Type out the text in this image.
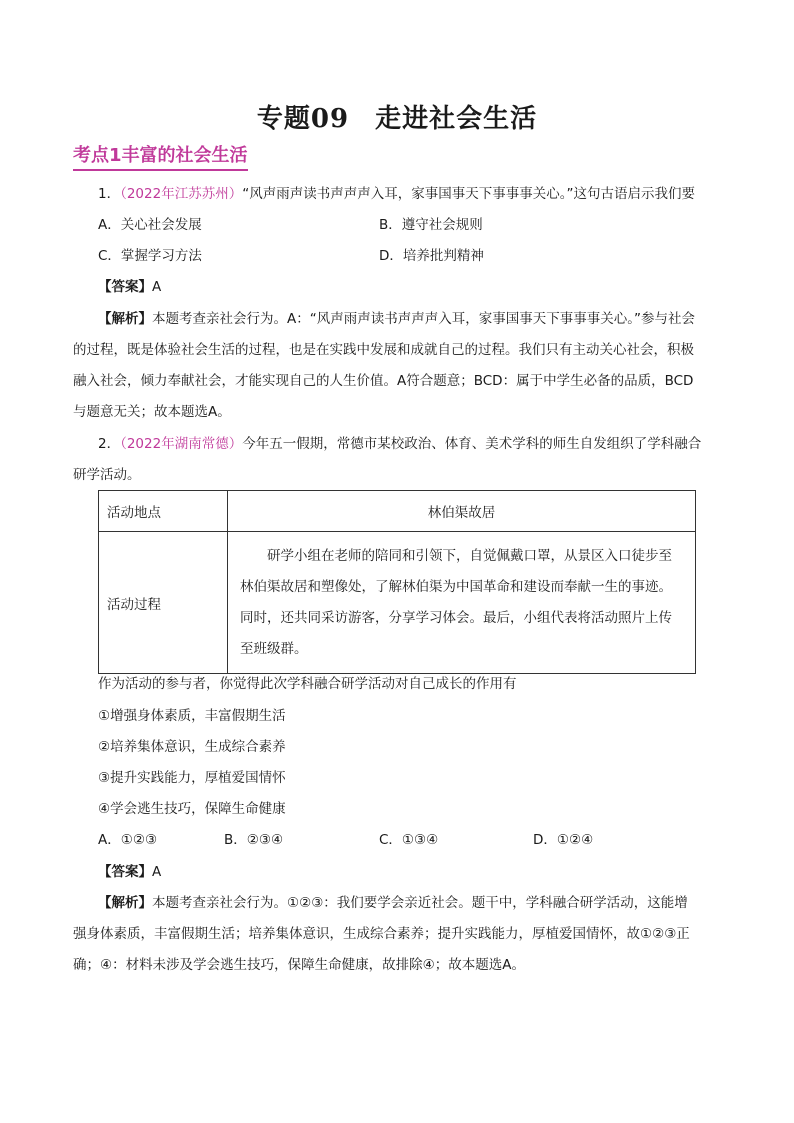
专题09 走进社会生活
考点1丰富的社会生活
1．（2022年江苏苏州）“风声雨声读书声声声入耳，家事国事天下事事事关心。”这句古语启示我们要
A．关心社会发展	B．遵守社会规则
C．掌握学习方法	D．培养批判精神
【答案】A
【解析】本题考查亲社会行为。A：“风声雨声读书声声声入耳，家事国事天下事事事关心。”参与社会
的过程，既是体验社会生活的过程，也是在实践中发展和成就自己的过程。我们只有主动关心社会，积极
融入社会，倾力奉献社会，才能实现自己的人生价值。A符合题意；BCD：属于中学生必备的品质，BCD
与题意无关；故本题选A。
2．（2022年湖南常德）今年五一假期，常德市某校政治、体育、美术学科的师生自发组织了学科融合
研学活动。
活动地点	林伯渠故居
活动过程	研学小组在老师的陪同和引领下，自觉佩戴口罩，从景区入口徒步至
林伯渠故居和塑像处，了解林伯渠为中国革命和建设而奉献一生的事迹。
同时，还共同采访游客，分享学习体会。最后，小组代表将活动照片上传
至班级群。
作为活动的参与者，你觉得此次学科融合研学活动对自己成长的作用有
①增强身体素质，丰富假期生活
②培养集体意识，生成综合素养
③提升实践能力，厚植爱国情怀
④学会逃生技巧，保障生命健康
A．①②③	B．②③④	C．①③④	D．①②④
【答案】A
【解析】本题考查亲社会行为。①②③：我们要学会亲近社会。题干中，学科融合研学活动，这能增
强身体素质，丰富假期生活；培养集体意识，生成综合素养；提升实践能力，厚植爱国情怀，故①②③正
确；④：材料未涉及学会逃生技巧，保障生命健康，故排除④；故本题选A。
